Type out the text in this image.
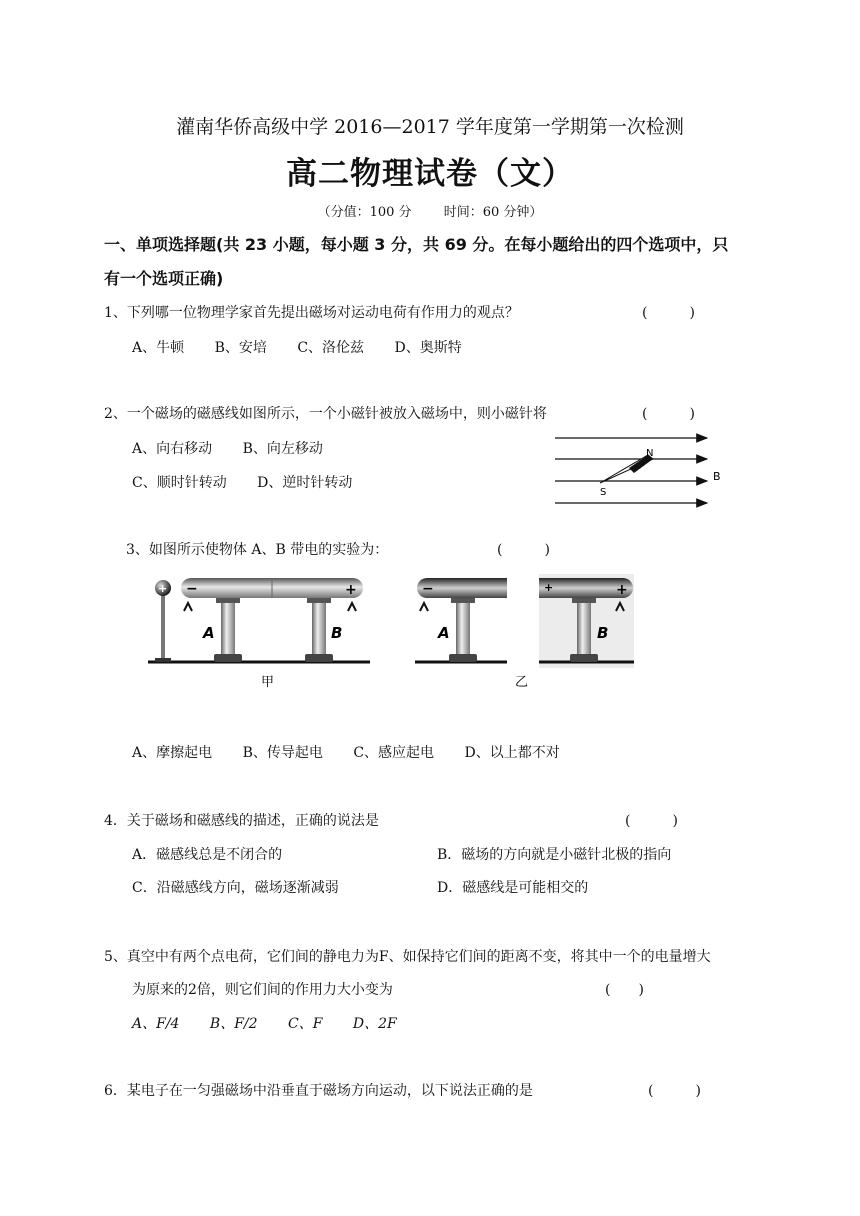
灌南华侨高级中学 2016—2017 学年度第一学期第一次检测
高二物理试卷（文）
（分值：100 分 时间：60 分钟）
一、单项选择题(共 23 小题，每小题 3 分，共 69 分。在每小题给出的四个选项中，只
有一个选项正确)
1、下列哪一位物理学家首先提出磁场对运动电荷有作用力的观点？	(　　　)
A、牛顿 B、安培 C、洛伦兹 D、奥斯特
2、一个磁场的磁感线如图所示，一个小磁针被放入磁场中，则小磁针将	(　　　)
A、向右移动 B、向左移动
C、顺时针转动 D、逆时针转动
N
S
B
3、如图所示使物体 A、B 带电的实验为：	(　　　)
+ −	+
A	B
−
A
+	+
B
甲	乙
A、摩擦起电 B、传导起电 C、感应起电 D、以上都不对
4．关于磁场和磁感线的描述，正确的说法是	(　　　)
A．磁感线总是不闭合的	B．磁场的方向就是小磁针北极的指向
C．沿磁感线方向，磁场逐渐减弱	D．磁感线是可能相交的
5、真空中有两个点电荷，它们间的静电力为F、如保持它们间的距离不变，将其中一个的电量增大
为原来的2倍，则它们间的作用力大小变为	(　　)
A、F/4 B、F/2 C、F D、2F
6．某电子在一匀强磁场中沿垂直于磁场方向运动，以下说法正确的是	(　　　)
